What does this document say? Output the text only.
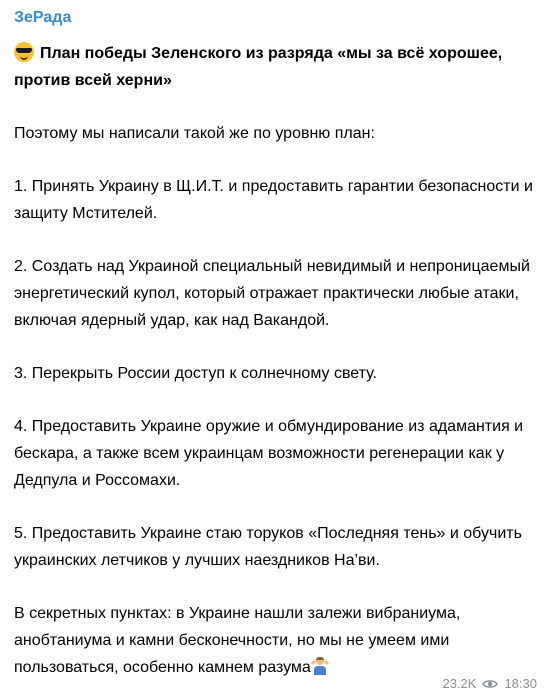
ЗеРада
План победы Зеленского из разряда «мы за всё хорошее, против всей херни»

Поэтому мы написали такой же по уровню план:

1. Принять Украину в Щ.И.Т. и предоставить гарантии безопасности и защиту Мстителей.

2. Создать над Украиной специальный невидимый и непроницаемый энергетический купол, который отражает практически любые атаки, включая ядерный удар, как над Вакандой.

3. Перекрыть России доступ к солнечному свету.

4. Предоставить Украине оружие и обмундирование из адамантия и бескара, а также всем украинцам возможности регенерации как у Дедпула и Россомахи.

5. Предоставить Украине стаю торуков «Последняя тень» и обучить украинских летчиков у лучших наездников На’ви.

В секретных пунктах: в Украине нашли залежи вибраниума, анобтаниума и камни бесконечности, но мы не умеем ими пользоваться, особенно камнем разума

23.2K 18:30
